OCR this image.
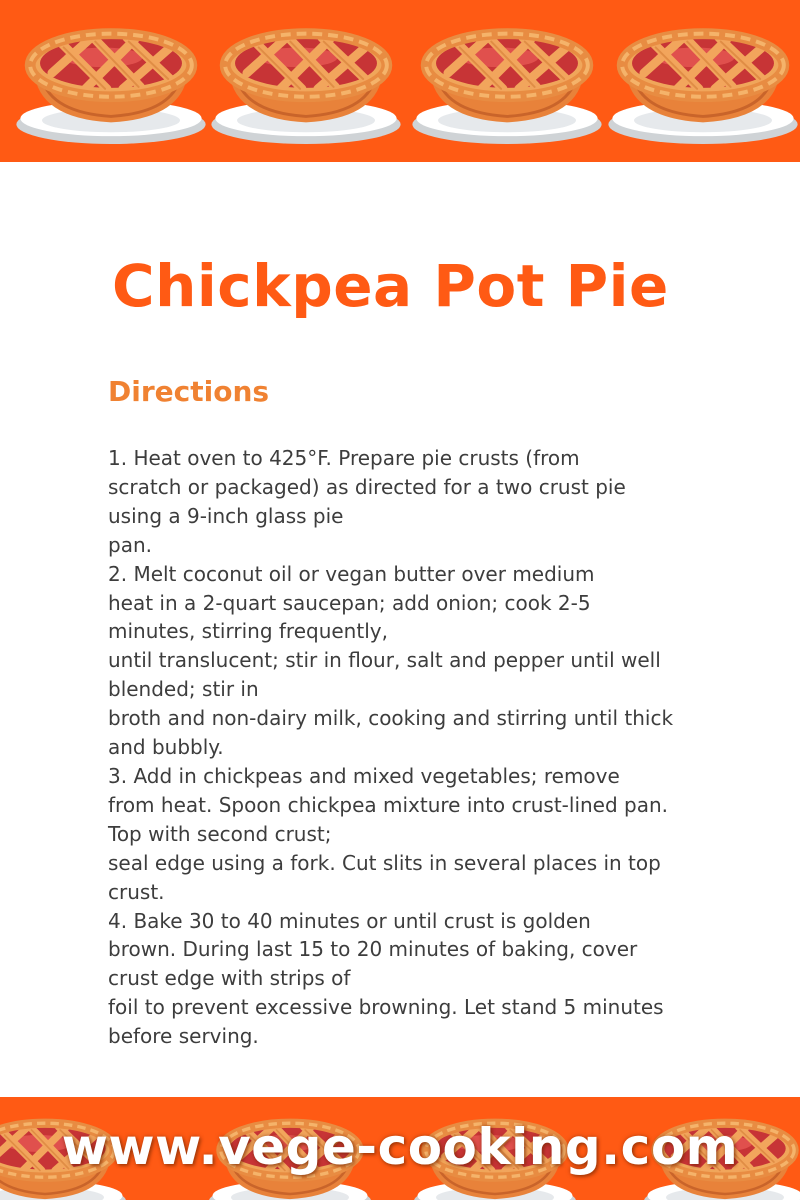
Chickpea Pot Pie
Directions
1. Heat oven to 425°F. Prepare pie crusts (from
scratch or packaged) as directed for a two crust pie
using a 9-inch glass pie
pan.
2. Melt coconut oil or vegan butter over medium
heat in a 2-quart saucepan; add onion; cook 2-5
minutes, stirring frequently,
until translucent; stir in flour, salt and pepper until well
blended; stir in
broth and non-dairy milk, cooking and stirring until thick
and bubbly.
3. Add in chickpeas and mixed vegetables; remove
from heat. Spoon chickpea mixture into crust-lined pan.
Top with second crust;
seal edge using a fork. Cut slits in several places in top
crust.
4. Bake 30 to 40 minutes or until crust is golden
brown. During last 15 to 20 minutes of baking, cover
crust edge with strips of
foil to prevent excessive browning. Let stand 5 minutes
before serving.
www.vege-cooking.com
